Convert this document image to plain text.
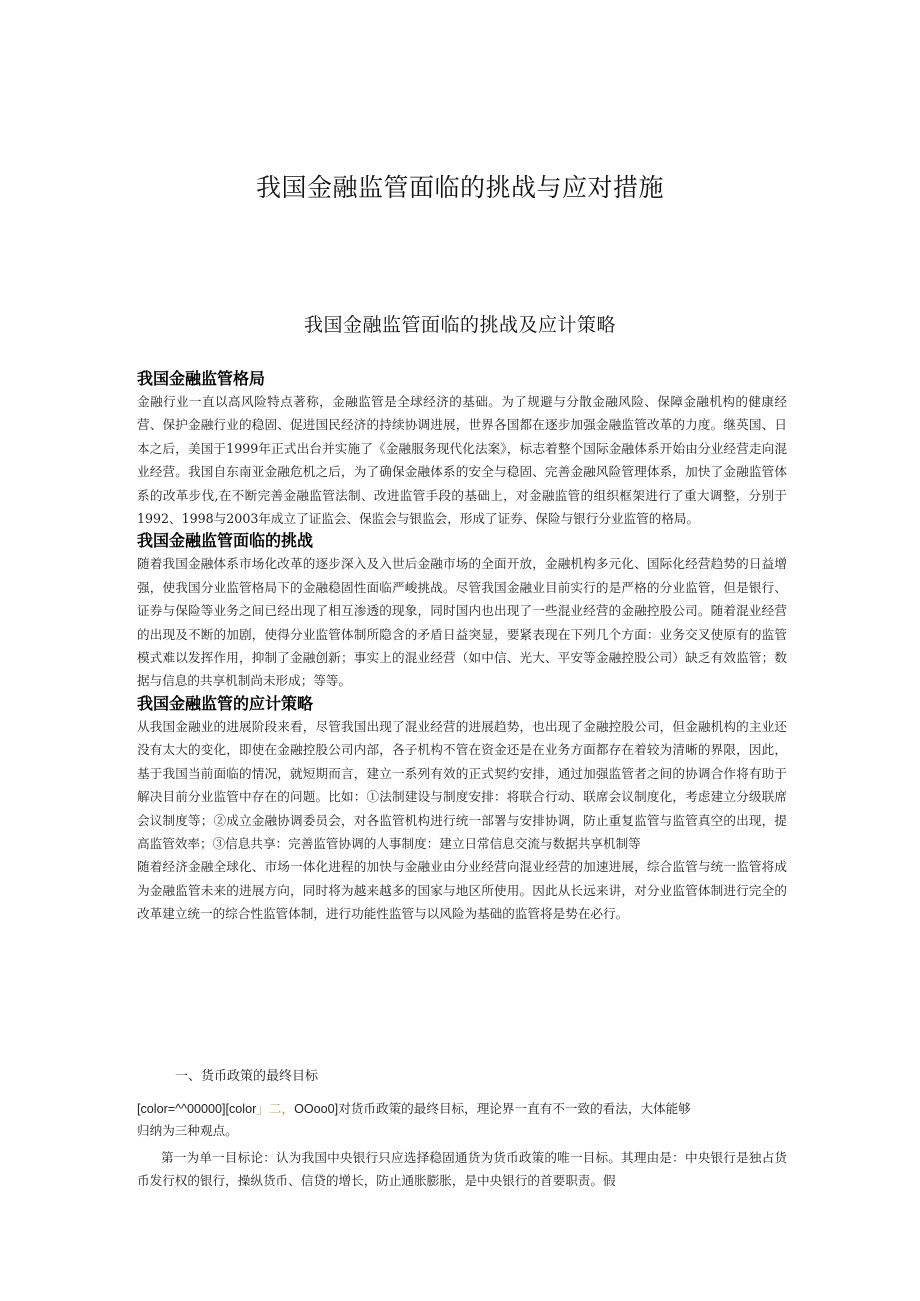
我国金融监管面临的挑战与应对措施
我国金融监管面临的挑战及应计策略
我国金融监管格局

金融行业一直以高风险特点著称，金融监管是全球经济的基础。为了规避与分散金融风险、保障金融机构的健康经营、保护金融行业的稳固、促进国民经济的持续协调进展，世界各国都在逐步加强金融监管改革的力度。继英国、日本之后，美国于1999年正式出台并实施了《金融服务现代化法案》，标志着整个国际金融体系开始由分业经营走向混业经营。我国自东南亚金融危机之后，为了确保金融体系的安全与稳固、完善金融风险管理体系，加快了金融监管体系的改革步伐,在不断完善金融监管法制、改进监管手段的基础上，对金融监管的组织框架进行了重大调整，分别于1992、1998与2003年成立了证监会、保监会与银监会，形成了证券、保险与银行分业监管的格局。

我国金融监管面临的挑战

随着我国金融体系市场化改革的逐步深入及入世后金融市场的全面开放，金融机构多元化、国际化经营趋势的日益增强，使我国分业监管格局下的金融稳固性面临严峻挑战。尽管我国金融业目前实行的是严格的分业监管，但是银行、证券与保险等业务之间已经出现了相互渗透的现象，同时国内也出现了一些混业经营的金融控股公司。随着混业经营的出现及不断的加剧，使得分业监管体制所隐含的矛盾日益突显，要紧表现在下列几个方面：业务交叉使原有的监管模式难以发挥作用，抑制了金融创新；事实上的混业经营（如中信、光大、平安等金融控股公司）缺乏有效监管；数据与信息的共享机制尚未形成；等等。

我国金融监管的应计策略

从我国金融业的进展阶段来看，尽管我国出现了混业经营的进展趋势，也出现了金融控股公司，但金融机构的主业还没有太大的变化，即使在金融控股公司内部，各子机构不管在资金还是在业务方面都存在着较为清晰的界限，因此，基于我国当前面临的情况，就短期而言，建立一系列有效的正式契约安排，通过加强监管者之间的协调合作将有助于解决目前分业监管中存在的问题。比如：①法制建设与制度安排：将联合行动、联席会议制度化，考虑建立分级联席会议制度等；②成立金融协调委员会，对各监管机构进行统一部署与安排协调，防止重复监管与监管真空的出现，提高监管效率；③信息共享：完善监管协调的人事制度：建立日常信息交流与数据共享机制等

随着经济金融全球化、市场一体化进程的加快与金融业由分业经营向混业经营的加速进展，综合监管与统一监管将成为金融监管未来的进展方向，同时将为越来越多的国家与地区所使用。因此从长远来讲，对分业监管体制进行完全的改革建立统一的综合性监管体制，进行功能性监管与以风险为基础的监管将是势在必行。

一、货币政策的最终目标

[color=^^00000][color」二，OOoo0]对货币政策的最终目标，理论界一直有不一致的看法，大体能够

归纳为三种观点。

第一为单一目标论：认为我国中央银行只应选择稳固通货为货币政策的唯一目标。其理由是：中央银行是独占货币发行权的银行，操纵货币、信贷的增长，防止通胀膨胀，是中央银行的首要职责。假
